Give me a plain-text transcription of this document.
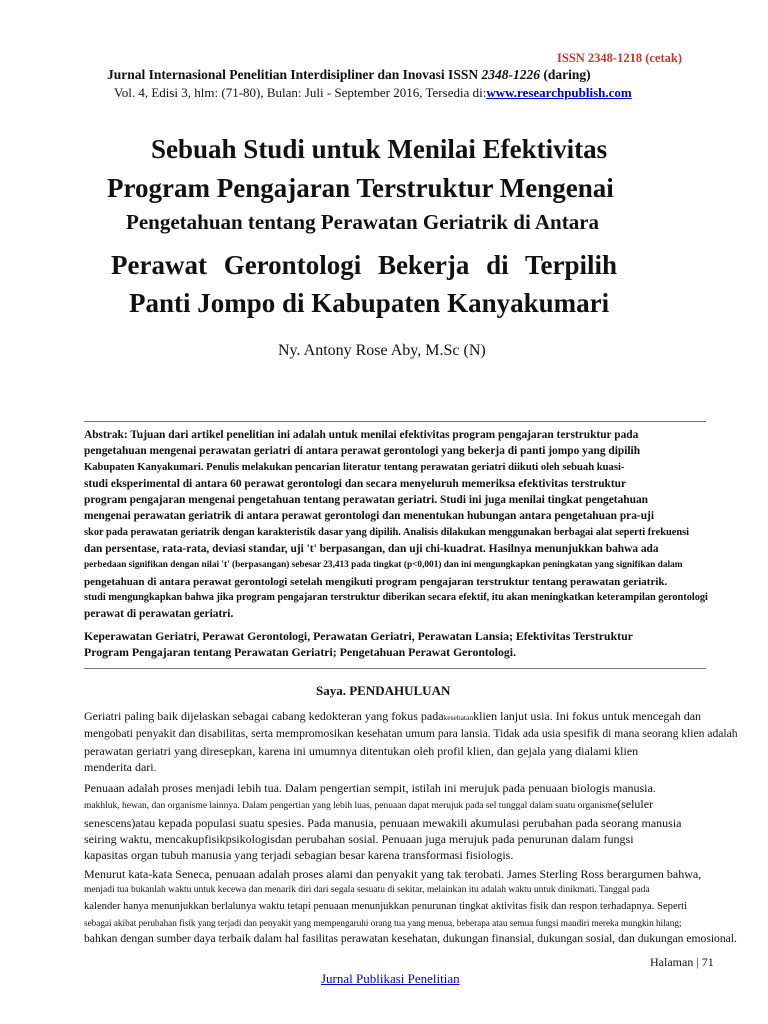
ISSN 2348-1218 (cetak)
Jurnal Internasional Penelitian Interdisipliner dan Inovasi ISSN 2348-1226 (daring)
Vol. 4, Edisi 3, hlm: (71-80), Bulan: Juli - September 2016, Tersedia di:www.researchpublish.com
Sebuah Studi untuk Menilai Efektivitas
Program Pengajaran Terstruktur Mengenai
Pengetahuan tentang Perawatan Geriatrik di Antara
Perawat Gerontologi Bekerja di Terpilih
Panti Jompo di Kabupaten Kanyakumari
Ny. Antony Rose Aby, M.Sc (N)
Abstrak: Tujuan dari artikel penelitian ini adalah untuk menilai efektivitas program pengajaran terstruktur pada
pengetahuan mengenai perawatan geriatri di antara perawat gerontologi yang bekerja di panti jompo yang dipilih
Kabupaten Kanyakumari. Penulis melakukan pencarian literatur tentang perawatan geriatri diikuti oleh sebuah kuasi-
studi eksperimental di antara 60 perawat gerontologi dan secara menyeluruh memeriksa efektivitas terstruktur
program pengajaran mengenai pengetahuan tentang perawatan geriatri. Studi ini juga menilai tingkat pengetahuan
mengenai perawatan geriatrik di antara perawat gerontologi dan menentukan hubungan antara pengetahuan pra-uji
skor pada perawatan geriatrik dengan karakteristik dasar yang dipilih. Analisis dilakukan menggunakan berbagai alat seperti frekuensi
dan persentase, rata-rata, deviasi standar, uji 't' berpasangan, dan uji chi-kuadrat. Hasilnya menunjukkan bahwa ada
perbedaan signifikan dengan nilai 't' (berpasangan) sebesar 23,413 pada tingkat (p<0,001) dan ini mengungkapkan peningkatan yang signifikan dalam
pengetahuan di antara perawat gerontologi setelah mengikuti program pengajaran terstruktur tentang perawatan geriatrik.
studi mengungkapkan bahwa jika program pengajaran terstruktur diberikan secara efektif, itu akan meningkatkan keterampilan gerontologi
perawat di perawatan geriatri.
Keperawatan Geriatri, Perawat Gerontologi, Perawatan Geriatri, Perawatan Lansia; Efektivitas Terstruktur
Program Pengajaran tentang Perawatan Geriatri; Pengetahuan Perawat Gerontologi.
Saya. PENDAHULUAN
Geriatri paling baik dijelaskan sebagai cabang kedokteran yang fokus padakesehatanklien lanjut usia. Ini fokus untuk mencegah dan
mengobati penyakit dan disabilitas, serta mempromosikan kesehatan umum para lansia. Tidak ada usia spesifik di mana seorang klien adalah
perawatan geriatri yang diresepkan, karena ini umumnya ditentukan oleh profil klien, dan gejala yang dialami klien
menderita dari.
Penuaan adalah proses menjadi lebih tua. Dalam pengertian sempit, istilah ini merujuk pada penuaan biologis manusia.
makhluk, hewan, dan organisme lainnya. Dalam pengertian yang lebih luas, penuaan dapat merujuk pada sel tunggal dalam suatu organisme(seluler
senescens)atau kepada populasi suatu spesies. Pada manusia, penuaan mewakili akumulasi perubahan pada seorang manusia
seiring waktu, mencakupfisikpsikologisdan perubahan sosial. Penuaan juga merujuk pada penurunan dalam fungsi
kapasitas organ tubuh manusia yang terjadi sebagian besar karena transformasi fisiologis.
Menurut kata-kata Seneca, penuaan adalah proses alami dan penyakit yang tak terobati. James Sterling Ross berargumen bahwa,
menjadi tua bukanlah waktu untuk kecewa dan menarik diri dari segala sesuatu di sekitar, melainkan itu adalah waktu untuk dinikmati. Tanggal pada
kalender hanya menunjukkan berlalunya waktu tetapi penuaan menunjukkan penurunan tingkat aktivitas fisik dan respon terhadapnya. Seperti
sebagai akibat perubahan fisik yang terjadi dan penyakit yang mempengaruhi orang tua yang menua, beberapa atau semua fungsi mandiri mereka mungkin hilang;
bahkan dengan sumber daya terbaik dalam hal fasilitas perawatan kesehatan, dukungan finansial, dukungan sosial, dan dukungan emosional.
Halaman | 71
Jurnal Publikasi Penelitian
